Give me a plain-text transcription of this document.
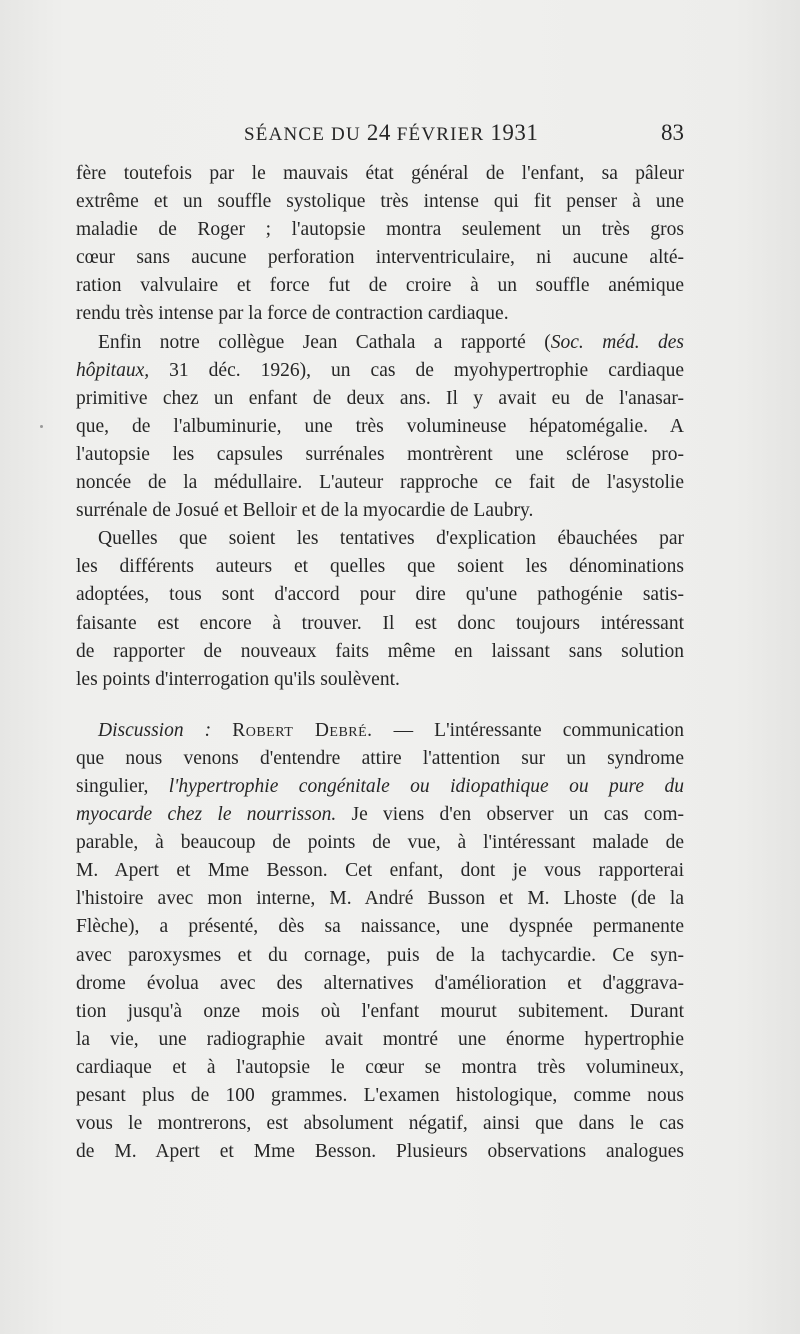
SÉANCE DU 24 FÉVRIER 1931	83
fère toutefois par le mauvais état général de l'enfant, sa pâleur
extrême et un souffle systolique très intense qui fit penser à une
maladie de Roger ; l'autopsie montra seulement un très gros
cœur sans aucune perforation interventriculaire, ni aucune alté-
ration valvulaire et force fut de croire à un souffle anémique
rendu très intense par la force de contraction cardiaque.
Enfin notre collègue Jean Cathala a rapporté (Soc. méd. des
hôpitaux, 31 déc. 1926), un cas de myohypertrophie cardiaque
primitive chez un enfant de deux ans. Il y avait eu de l'anasar-
que, de l'albuminurie, une très volumineuse hépatomégalie. A
l'autopsie les capsules surrénales montrèrent une sclérose pro-
noncée de la médullaire. L'auteur rapproche ce fait de l'asystolie
surrénale de Josué et Belloir et de la myocardie de Laubry.
Quelles que soient les tentatives d'explication ébauchées par
les différents auteurs et quelles que soient les dénominations
adoptées, tous sont d'accord pour dire qu'une pathogénie satis-
faisante est encore à trouver. Il est donc toujours intéressant
de rapporter de nouveaux faits même en laissant sans solution
les points d'interrogation qu'ils soulèvent.
Discussion : Robert Debré. — L'intéressante communication
que nous venons d'entendre attire l'attention sur un syndrome
singulier, l'hypertrophie congénitale ou idiopathique ou pure du
myocarde chez le nourrisson. Je viens d'en observer un cas com-
parable, à beaucoup de points de vue, à l'intéressant malade de
M. Apert et Mme Besson. Cet enfant, dont je vous rapporterai
l'histoire avec mon interne, M. André Busson et M. Lhoste (de la
Flèche), a présenté, dès sa naissance, une dyspnée permanente
avec paroxysmes et du cornage, puis de la tachycardie. Ce syn-
drome évolua avec des alternatives d'amélioration et d'aggrava-
tion jusqu'à onze mois où l'enfant mourut subitement. Durant
la vie, une radiographie avait montré une énorme hypertrophie
cardiaque et à l'autopsie le cœur se montra très volumineux,
pesant plus de 100 grammes. L'examen histologique, comme nous
vous le montrerons, est absolument négatif, ainsi que dans le cas
de M. Apert et Mme Besson. Plusieurs observations analogues
